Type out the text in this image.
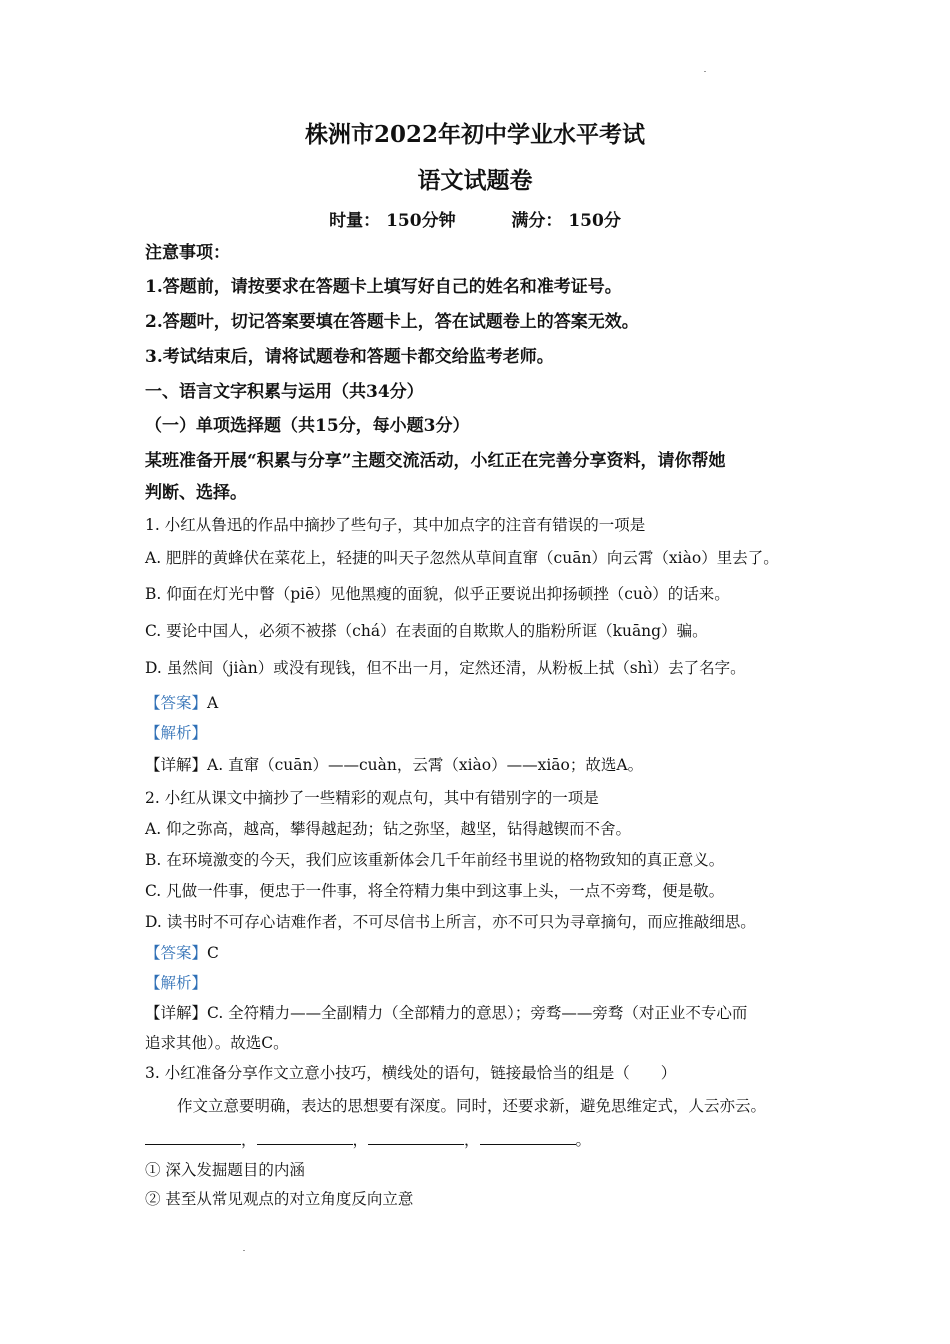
株洲市2022年初中学业水平考试
语文试题卷
时量： 150分钟	满分： 150分
注意事项：
1.答题前，请按要求在答题卡上填写好自己的姓名和准考证号。
2.答题叶，切记答案要填在答题卡上，答在试题卷上的答案无效。
3.考试结束后，请将试题卷和答题卡都交给监考老师。
一、语言文字积累与运用（共34分）
（一）单项选择题（共15分，每小题3分）
某班准备开展“积累与分享”主题交流活动，小红正在完善分享资料，请你帮她
判断、选择。
1. 小红从鲁迅的作品中摘抄了些句子，其中加点字的注音有错误的一项是
A. 肥胖的黄蜂伏在菜花上，轻捷的叫天子忽然从草间直窜（cuān）向云霄（xiào）里去了。
B. 仰面在灯光中瞥（piē）见他黑瘦的面貌，似乎正要说出抑扬顿挫（cuò）的话来。
C. 要论中国人，必须不被搽（chá）在表面的自欺欺人的脂粉所诓（kuāng）骗。
D. 虽然间（jiàn）或没有现钱，但不出一月，定然还清，从粉板上拭（shì）去了名字。
【答案】A
【解析】
【详解】A. 直窜（cuān）——cuàn，云霄（xiào）——xiāo；故选A。
2. 小红从课文中摘抄了一些精彩的观点句，其中有错别字的一项是
A. 仰之弥高，越高，攀得越起劲；钻之弥坚，越坚，钻得越锲而不舍。
B. 在环境激变的今天，我们应该重新体会几千年前经书里说的格物致知的真正意义。
C. 凡做一件事，便忠于一件事，将全符精力集中到这事上头，一点不旁骛，便是敬。
D. 读书时不可存心诘难作者，不可尽信书上所言，亦不可只为寻章摘句，而应推敲细思。
【答案】C
【解析】
【详解】C. 全符精力——全副精力（全部精力的意思）；旁骛——旁骛（对正业不专心而
追求其他）。故选C。
3. 小红准备分享作文立意小技巧，横线处的语句，链接最恰当的组是（　　）
作文立意要明确，表达的思想要有深度。同时，还要求新，避免思维定式，人云亦云。
，	，	，	。
① 深入发掘题目的内涵
② 甚至从常见观点的对立角度反向立意
